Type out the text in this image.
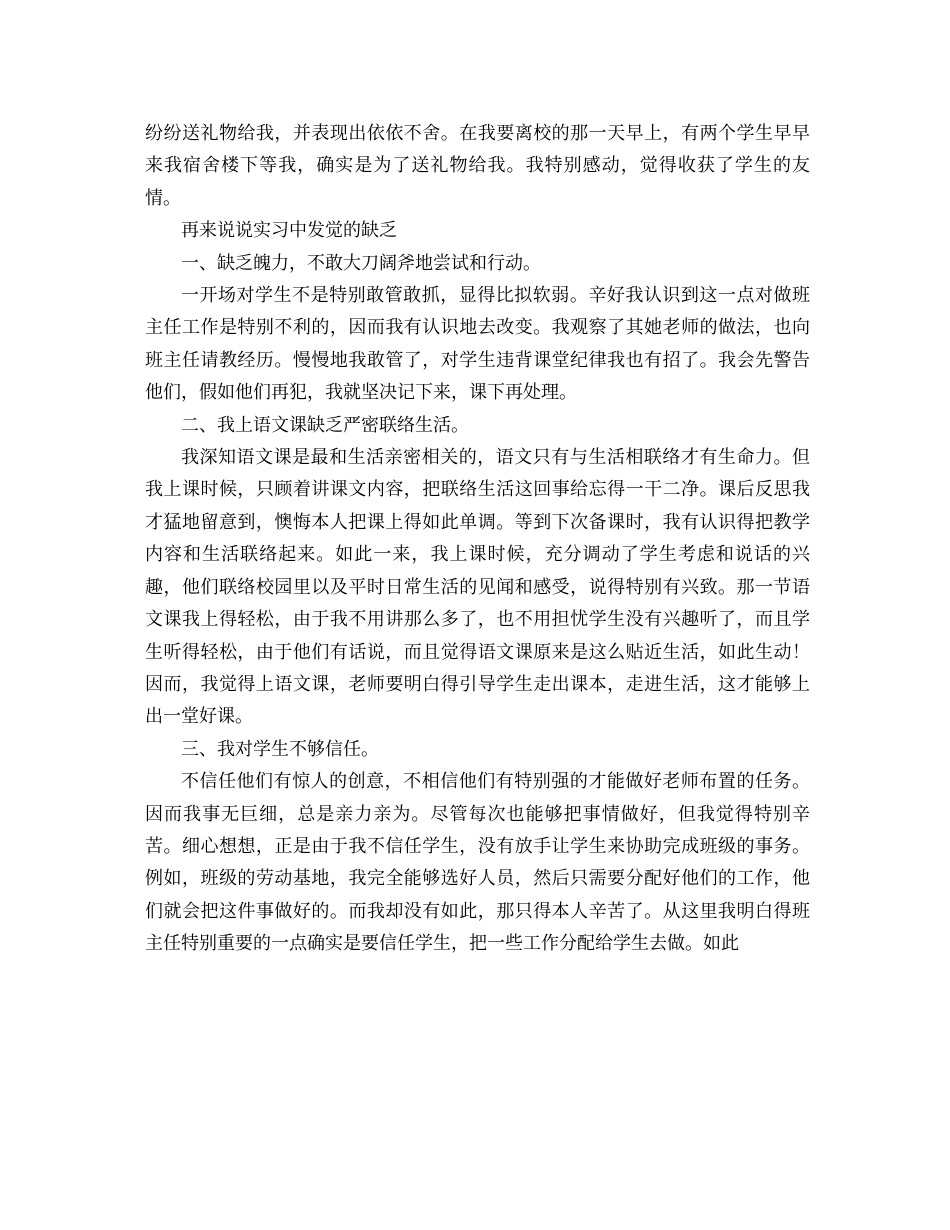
纷纷送礼物给我，并表现出依依不舍。在我要离校的那一天早上，有两个学生早早来我宿舍楼下等我，确实是为了送礼物给我。我特别感动，觉得收获了学生的友情。

再来说说实习中发觉的缺乏

一、缺乏魄力，不敢大刀阔斧地尝试和行动。

一开场对学生不是特别敢管敢抓，显得比拟软弱。辛好我认识到这一点对做班主任工作是特别不利的，因而我有认识地去改变。我观察了其她老师的做法，也向班主任请教经历。慢慢地我敢管了，对学生违背课堂纪律我也有招了。我会先警告他们，假如他们再犯，我就坚决记下来，课下再处理。

二、我上语文课缺乏严密联络生活。

我深知语文课是最和生活亲密相关的，语文只有与生活相联络才有生命力。但我上课时候，只顾着讲课文内容，把联络生活这回事给忘得一干二净。课后反思我才猛地留意到，懊悔本人把课上得如此单调。等到下次备课时，我有认识得把教学内容和生活联络起来。如此一来，我上课时候，充分调动了学生考虑和说话的兴趣，他们联络校园里以及平时日常生活的见闻和感受，说得特别有兴致。那一节语文课我上得轻松，由于我不用讲那么多了，也不用担忧学生没有兴趣听了，而且学生听得轻松，由于他们有话说，而且觉得语文课原来是这么贴近生活，如此生动！因而，我觉得上语文课，老师要明白得引导学生走出课本，走进生活，这才能够上出一堂好课。

三、我对学生不够信任。

不信任他们有惊人的创意，不相信他们有特别强的才能做好老师布置的任务。因而我事无巨细，总是亲力亲为。尽管每次也能够把事情做好，但我觉得特别辛苦。细心想想，正是由于我不信任学生，没有放手让学生来协助完成班级的事务。例如，班级的劳动基地，我完全能够选好人员，然后只需要分配好他们的工作，他们就会把这件事做好的。而我却没有如此，那只得本人辛苦了。从这里我明白得班主任特别重要的一点确实是要信任学生，把一些工作分配给学生去做。如此
